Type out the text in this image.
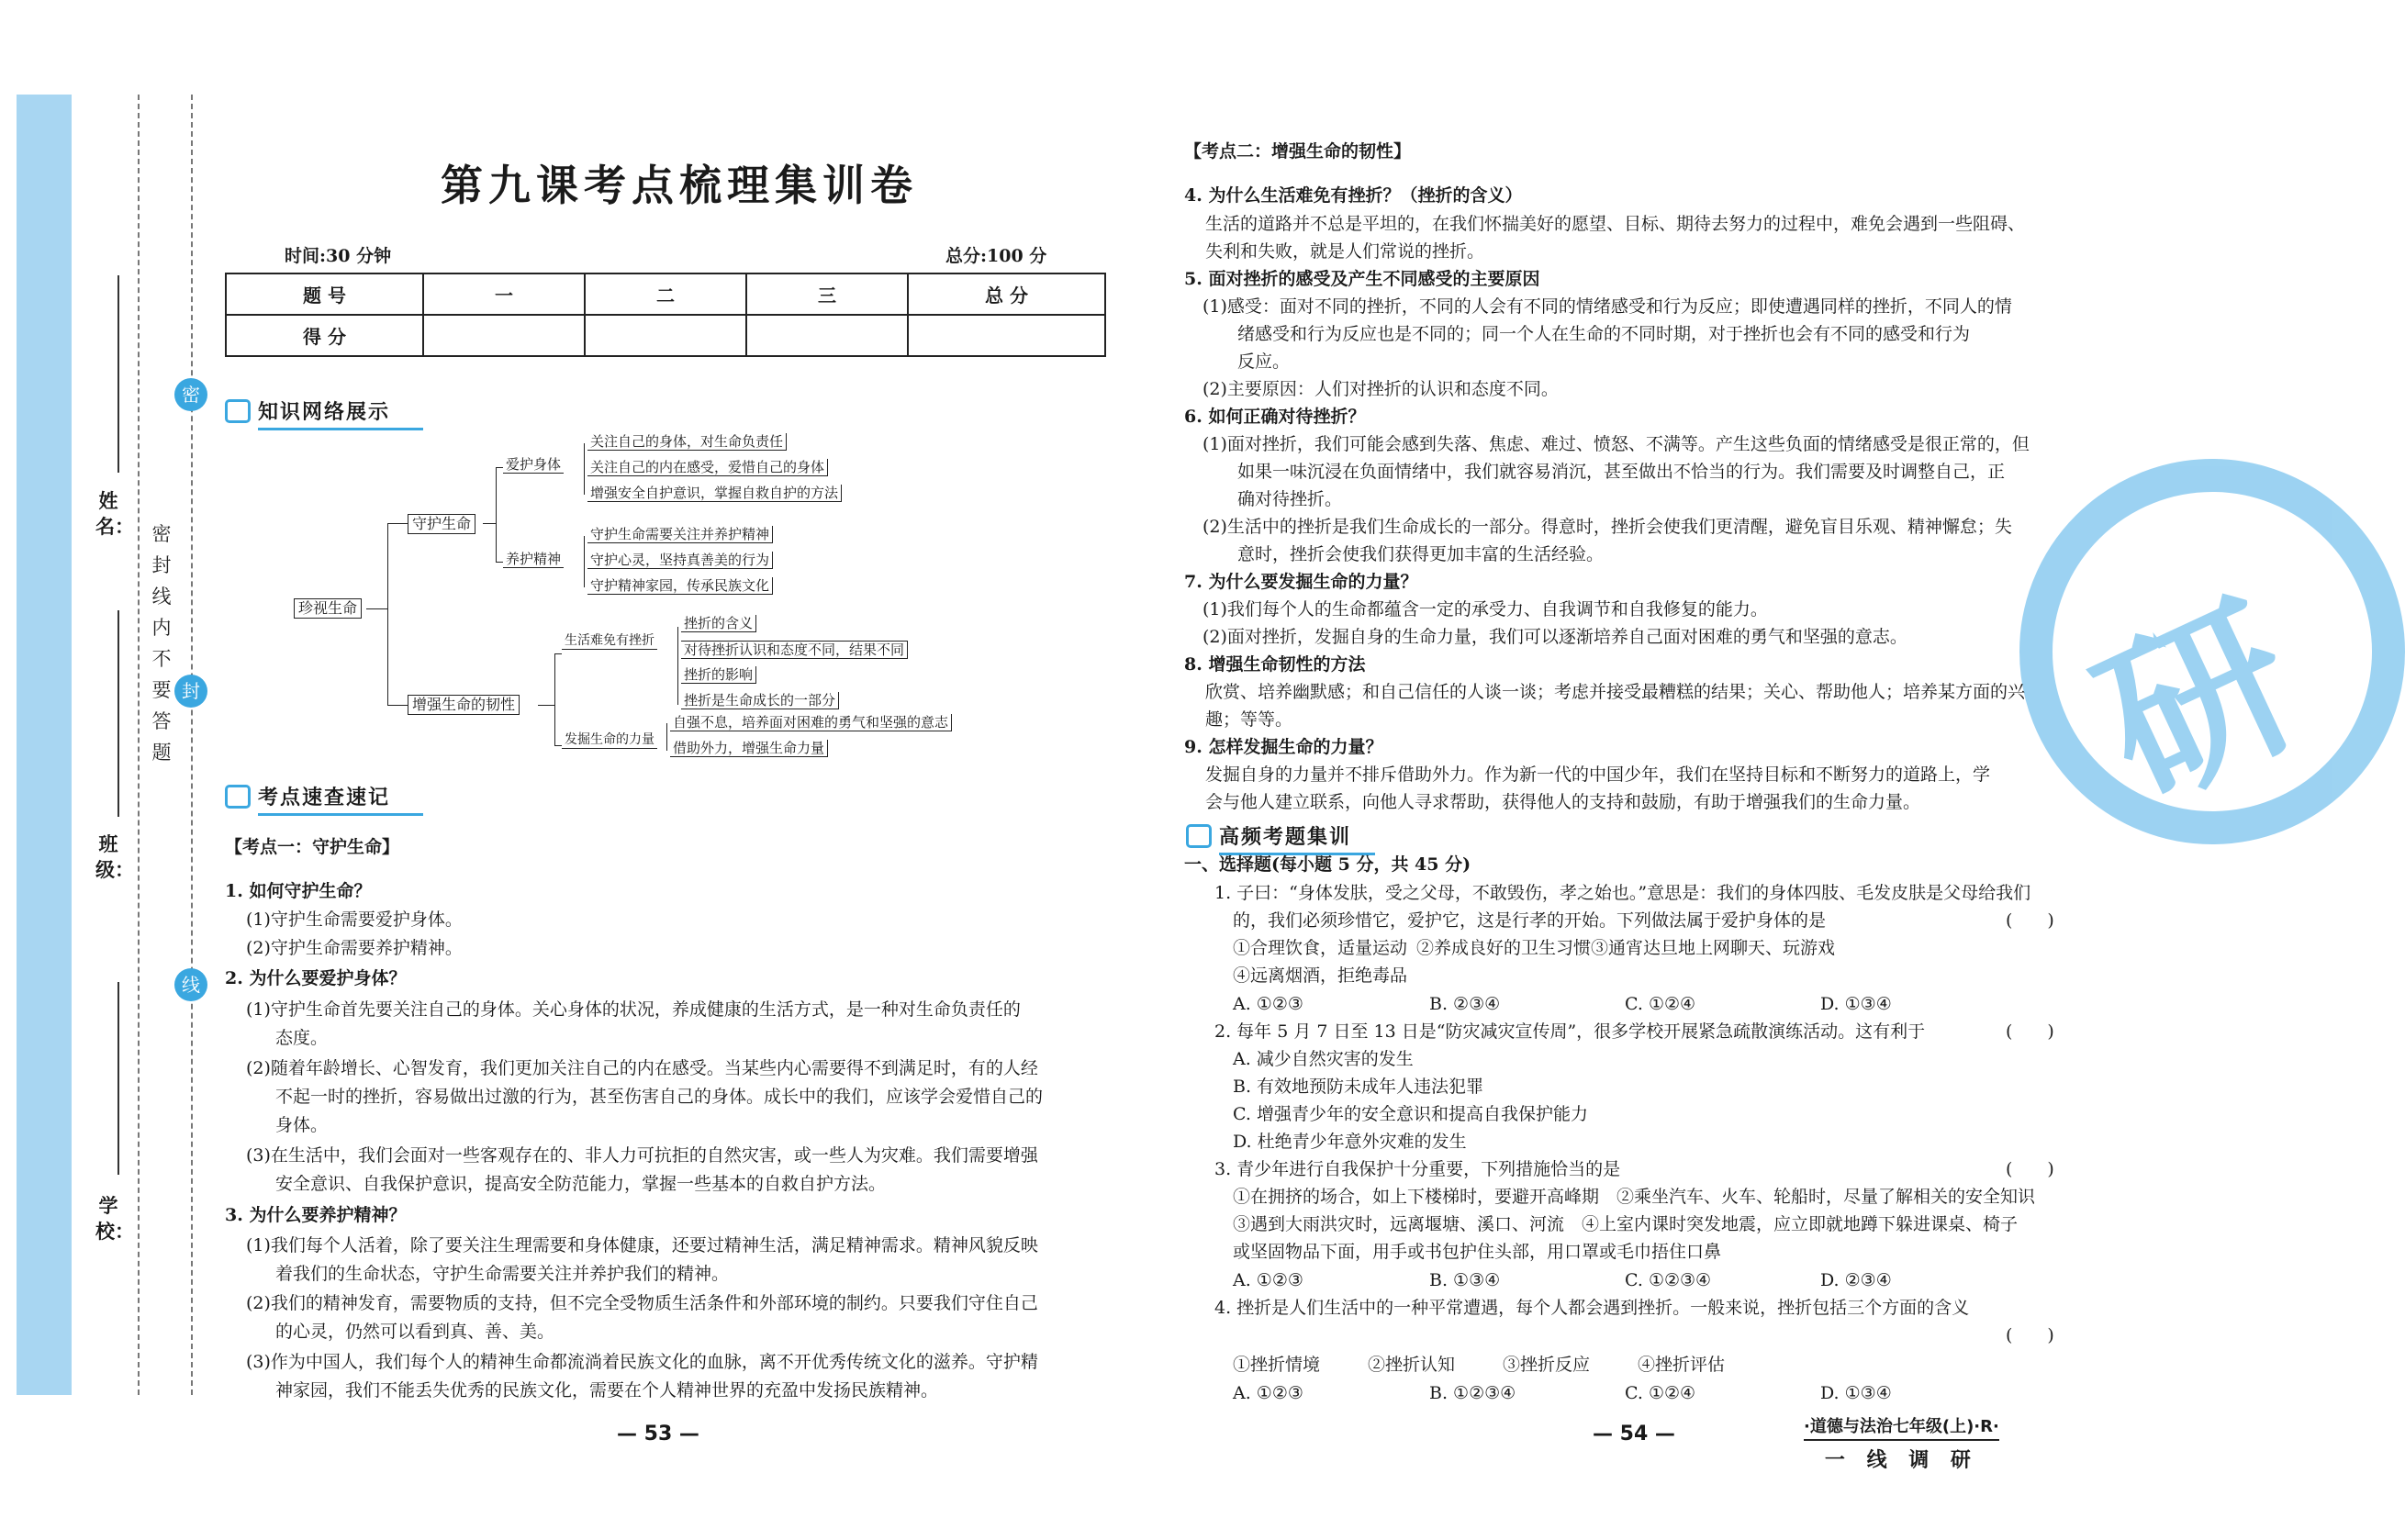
密
封
线
密 封 线 内 不 要 答 题
姓名：
班级：
学校：
第九课考点梳理集训卷
时间:30 分钟	总分:100 分
题 号	一	二	三	总 分
得 分				
知识网络展示
珍视生命
守护生命
爱护身体
养护精神
关注自己的身体，对生命负责任
关注自己的内在感受，爱惜自己的身体
增强安全自护意识，掌握自救自护的方法
守护生命需要关注并养护精神
守护心灵，坚持真善美的行为
守护精神家园，传承民族文化
增强生命的韧性
生活难免有挫折
发掘生命的力量
挫折的含义
对待挫折认识和态度不同，结果不同
挫折的影响
挫折是生命成长的一部分
自强不息，培养面对困难的勇气和坚强的意志
借助外力，增强生命力量
考点速查速记
【考点一：守护生命】
1. 如何守护生命？
(1)守护生命需要爱护身体。
(2)守护生命需要养护精神。
2. 为什么要爱护身体？
(1)守护生命首先要关注自己的身体。关心身体的状况，养成健康的生活方式，是一种对生命负责任的
态度。
(2)随着年龄增长、心智发育，我们更加关注自己的内在感受。当某些内心需要得不到满足时，有的人经
不起一时的挫折，容易做出过激的行为，甚至伤害自己的身体。成长中的我们，应该学会爱惜自己的
身体。
(3)在生活中，我们会面对一些客观存在的、非人力可抗拒的自然灾害，或一些人为灾难。我们需要增强
安全意识、自我保护意识，提高安全防范能力，掌握一些基本的自救自护方法。
3. 为什么要养护精神？
(1)我们每个人活着，除了要关注生理需要和身体健康，还要过精神生活，满足精神需求。精神风貌反映
着我们的生命状态，守护生命需要关注并养护我们的精神。
(2)我们的精神发育，需要物质的支持，但不完全受物质生活条件和外部环境的制约。只要我们守住自己
的心灵，仍然可以看到真、善、美。
(3)作为中国人，我们每个人的精神生命都流淌着民族文化的血脉，离不开优秀传统文化的滋养。守护精
神家园，我们不能丢失优秀的民族文化，需要在个人精神世界的充盈中发扬民族精神。
— 53 —
研
【考点二：增强生命的韧性】
4. 为什么生活难免有挫折？（挫折的含义）
生活的道路并不总是平坦的，在我们怀揣美好的愿望、目标、期待去努力的过程中，难免会遇到一些阻碍、
失利和失败，就是人们常说的挫折。
5. 面对挫折的感受及产生不同感受的主要原因
(1)感受：面对不同的挫折，不同的人会有不同的情绪感受和行为反应；即使遭遇同样的挫折，不同人的情
绪感受和行为反应也是不同的；同一个人在生命的不同时期，对于挫折也会有不同的感受和行为
反应。
(2)主要原因：人们对挫折的认识和态度不同。
6. 如何正确对待挫折？
(1)面对挫折，我们可能会感到失落、焦虑、难过、愤怒、不满等。产生这些负面的情绪感受是很正常的，但
如果一味沉浸在负面情绪中，我们就容易消沉，甚至做出不恰当的行为。我们需要及时调整自己，正
确对待挫折。
(2)生活中的挫折是我们生命成长的一部分。得意时，挫折会使我们更清醒，避免盲目乐观、精神懈怠；失
意时，挫折会使我们获得更加丰富的生活经验。
7. 为什么要发掘生命的力量？
(1)我们每个人的生命都蕴含一定的承受力、自我调节和自我修复的能力。
(2)面对挫折，发掘自身的生命力量，我们可以逐渐培养自己面对困难的勇气和坚强的意志。
8. 增强生命韧性的方法
欣赏、培养幽默感；和自己信任的人谈一谈；考虑并接受最糟糕的结果；关心、帮助他人；培养某方面的兴
趣；等等。
9. 怎样发掘生命的力量？
发掘自身的力量并不排斥借助外力。作为新一代的中国少年，我们在坚持目标和不断努力的道路上，学
会与他人建立联系，向他人寻求帮助，获得他人的支持和鼓励，有助于增强我们的生命力量。
高频考题集训
一、选择题(每小题 5 分，共 45 分)
1. 子曰：“身体发肤，受之父母，不敢毁伤，孝之始也。”意思是：我们的身体四肢、毛发皮肤是父母给我们
的，我们必须珍惜它，爱护它，这是行孝的开始。下列做法属于爱护身体的是	(　　)
①合理饮食，适量运动 ②养成良好的卫生习惯 ③通宵达旦地上网聊天、玩游戏
④远离烟酒，拒绝毒品
A. ①②③	B. ②③④	C. ①②④	D. ①③④
2. 每年 5 月 7 日至 13 日是“防灾减灾宣传周”，很多学校开展紧急疏散演练活动。这有利于	(　　)
A. 减少自然灾害的发生
B. 有效地预防未成年人违法犯罪
C. 增强青少年的安全意识和提高自我保护能力
D. 杜绝青少年意外灾难的发生
3. 青少年进行自我保护十分重要，下列措施恰当的是	(　　)
①在拥挤的场合，如上下楼梯时，要避开高峰期　②乘坐汽车、火车、轮船时，尽量了解相关的安全知识
③遇到大雨洪灾时，远离堰塘、溪口、河流　④上室内课时突发地震，应立即就地蹲下躲进课桌、椅子
或坚固物品下面，用手或书包护住头部，用口罩或毛巾捂住口鼻
A. ①②③	B. ①③④	C. ①②③④	D. ②③④
4. 挫折是人们生活中的一种平常遭遇，每个人都会遇到挫折。一般来说，挫折包括三个方面的含义
(　　)
①挫折情境	②挫折认知	③挫折反应	④挫折评估
A. ①②③	B. ①②③④	C. ①②④	D. ①③④
— 54 —	·道德与法治七年级(上)·R·
一 线 调 研
